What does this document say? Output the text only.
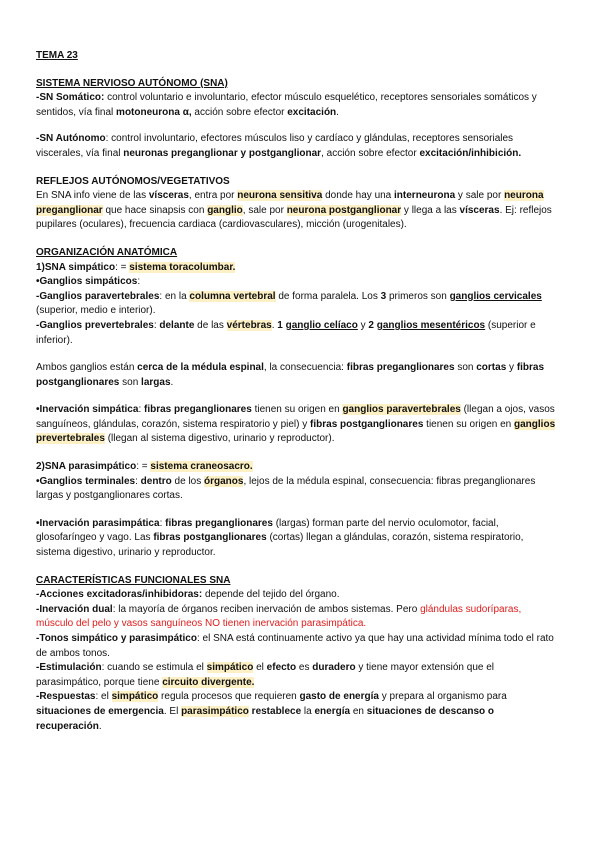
TEMA 23

SISTEMA NERVIOSO AUTÓNOMO (SNA)

-SN Somático: control voluntario e involuntario, efector músculo esquelético, receptores sensoriales somáticos y sentidos, vía final motoneurona α, acción sobre efector excitación.

-SN Autónomo: control involuntario, efectores músculos liso y cardíaco y glándulas, receptores sensoriales viscerales, vía final neuronas preganglionar y postganglionar, acción sobre efector excitación/inhibición.

REFLEJOS AUTÓNOMOS/VEGETATIVOS

En SNA info viene de las vísceras, entra por neurona sensitiva donde hay una interneurona y sale por neurona preganglionar que hace sinapsis con ganglio, sale por neurona postganglionar y llega a las vísceras. Ej: reflejos pupilares (oculares), frecuencia cardiaca (cardiovasculares), micción (urogenitales).

ORGANIZACIÓN ANATÓMICA

1)SNA simpático: = sistema toracolumbar.

•Ganglios simpáticos:

-Ganglios paravertebrales: en la columna vertebral de forma paralela. Los 3 primeros son ganglios cervicales (superior, medio e interior).

-Ganglios prevertebrales: delante de las vértebras. 1 ganglio celíaco y 2 ganglios mesentéricos (superior e inferior).

Ambos ganglios están cerca de la médula espinal, la consecuencia: fibras preganglionares son cortas y fibras postganglionares son largas.

•Inervación simpática: fibras preganglionares tienen su origen en ganglios paravertebrales (llegan a ojos, vasos sanguíneos, glándulas, corazón, sistema respiratorio y piel) y fibras postganglionares tienen su origen en ganglios prevertebrales (llegan al sistema digestivo, urinario y reproductor).

2)SNA parasimpático: = sistema craneosacro.

•Ganglios terminales: dentro de los órganos, lejos de la médula espinal, consecuencia: fibras preganglionares largas y postganglionares cortas.

•Inervación parasimpática: fibras preganglionares (largas) forman parte del nervio oculomotor, facial, glosofaríngeo y vago. Las fibras postganglionares (cortas) llegan a glándulas, corazón, sistema respiratorio, sistema digestivo, urinario y reproductor.

CARACTERÍSTICAS FUNCIONALES SNA

-Acciones excitadoras/inhibidoras: depende del tejido del órgano.

-Inervación dual: la mayoría de órganos reciben inervación de ambos sistemas. Pero glándulas sudoríparas, músculo del pelo y vasos sanguíneos NO tienen inervación parasimpática.

-Tonos simpático y parasimpático: el SNA está continuamente activo ya que hay una actividad mínima todo el rato de ambos tonos.

-Estimulación: cuando se estimula el simpático el efecto es duradero y tiene mayor extensión que el parasimpático, porque tiene circuito divergente.

-Respuestas: el simpático regula procesos que requieren gasto de energía y prepara al organismo para situaciones de emergencia. El parasimpático restablece la energía en situaciones de descanso o recuperación.
